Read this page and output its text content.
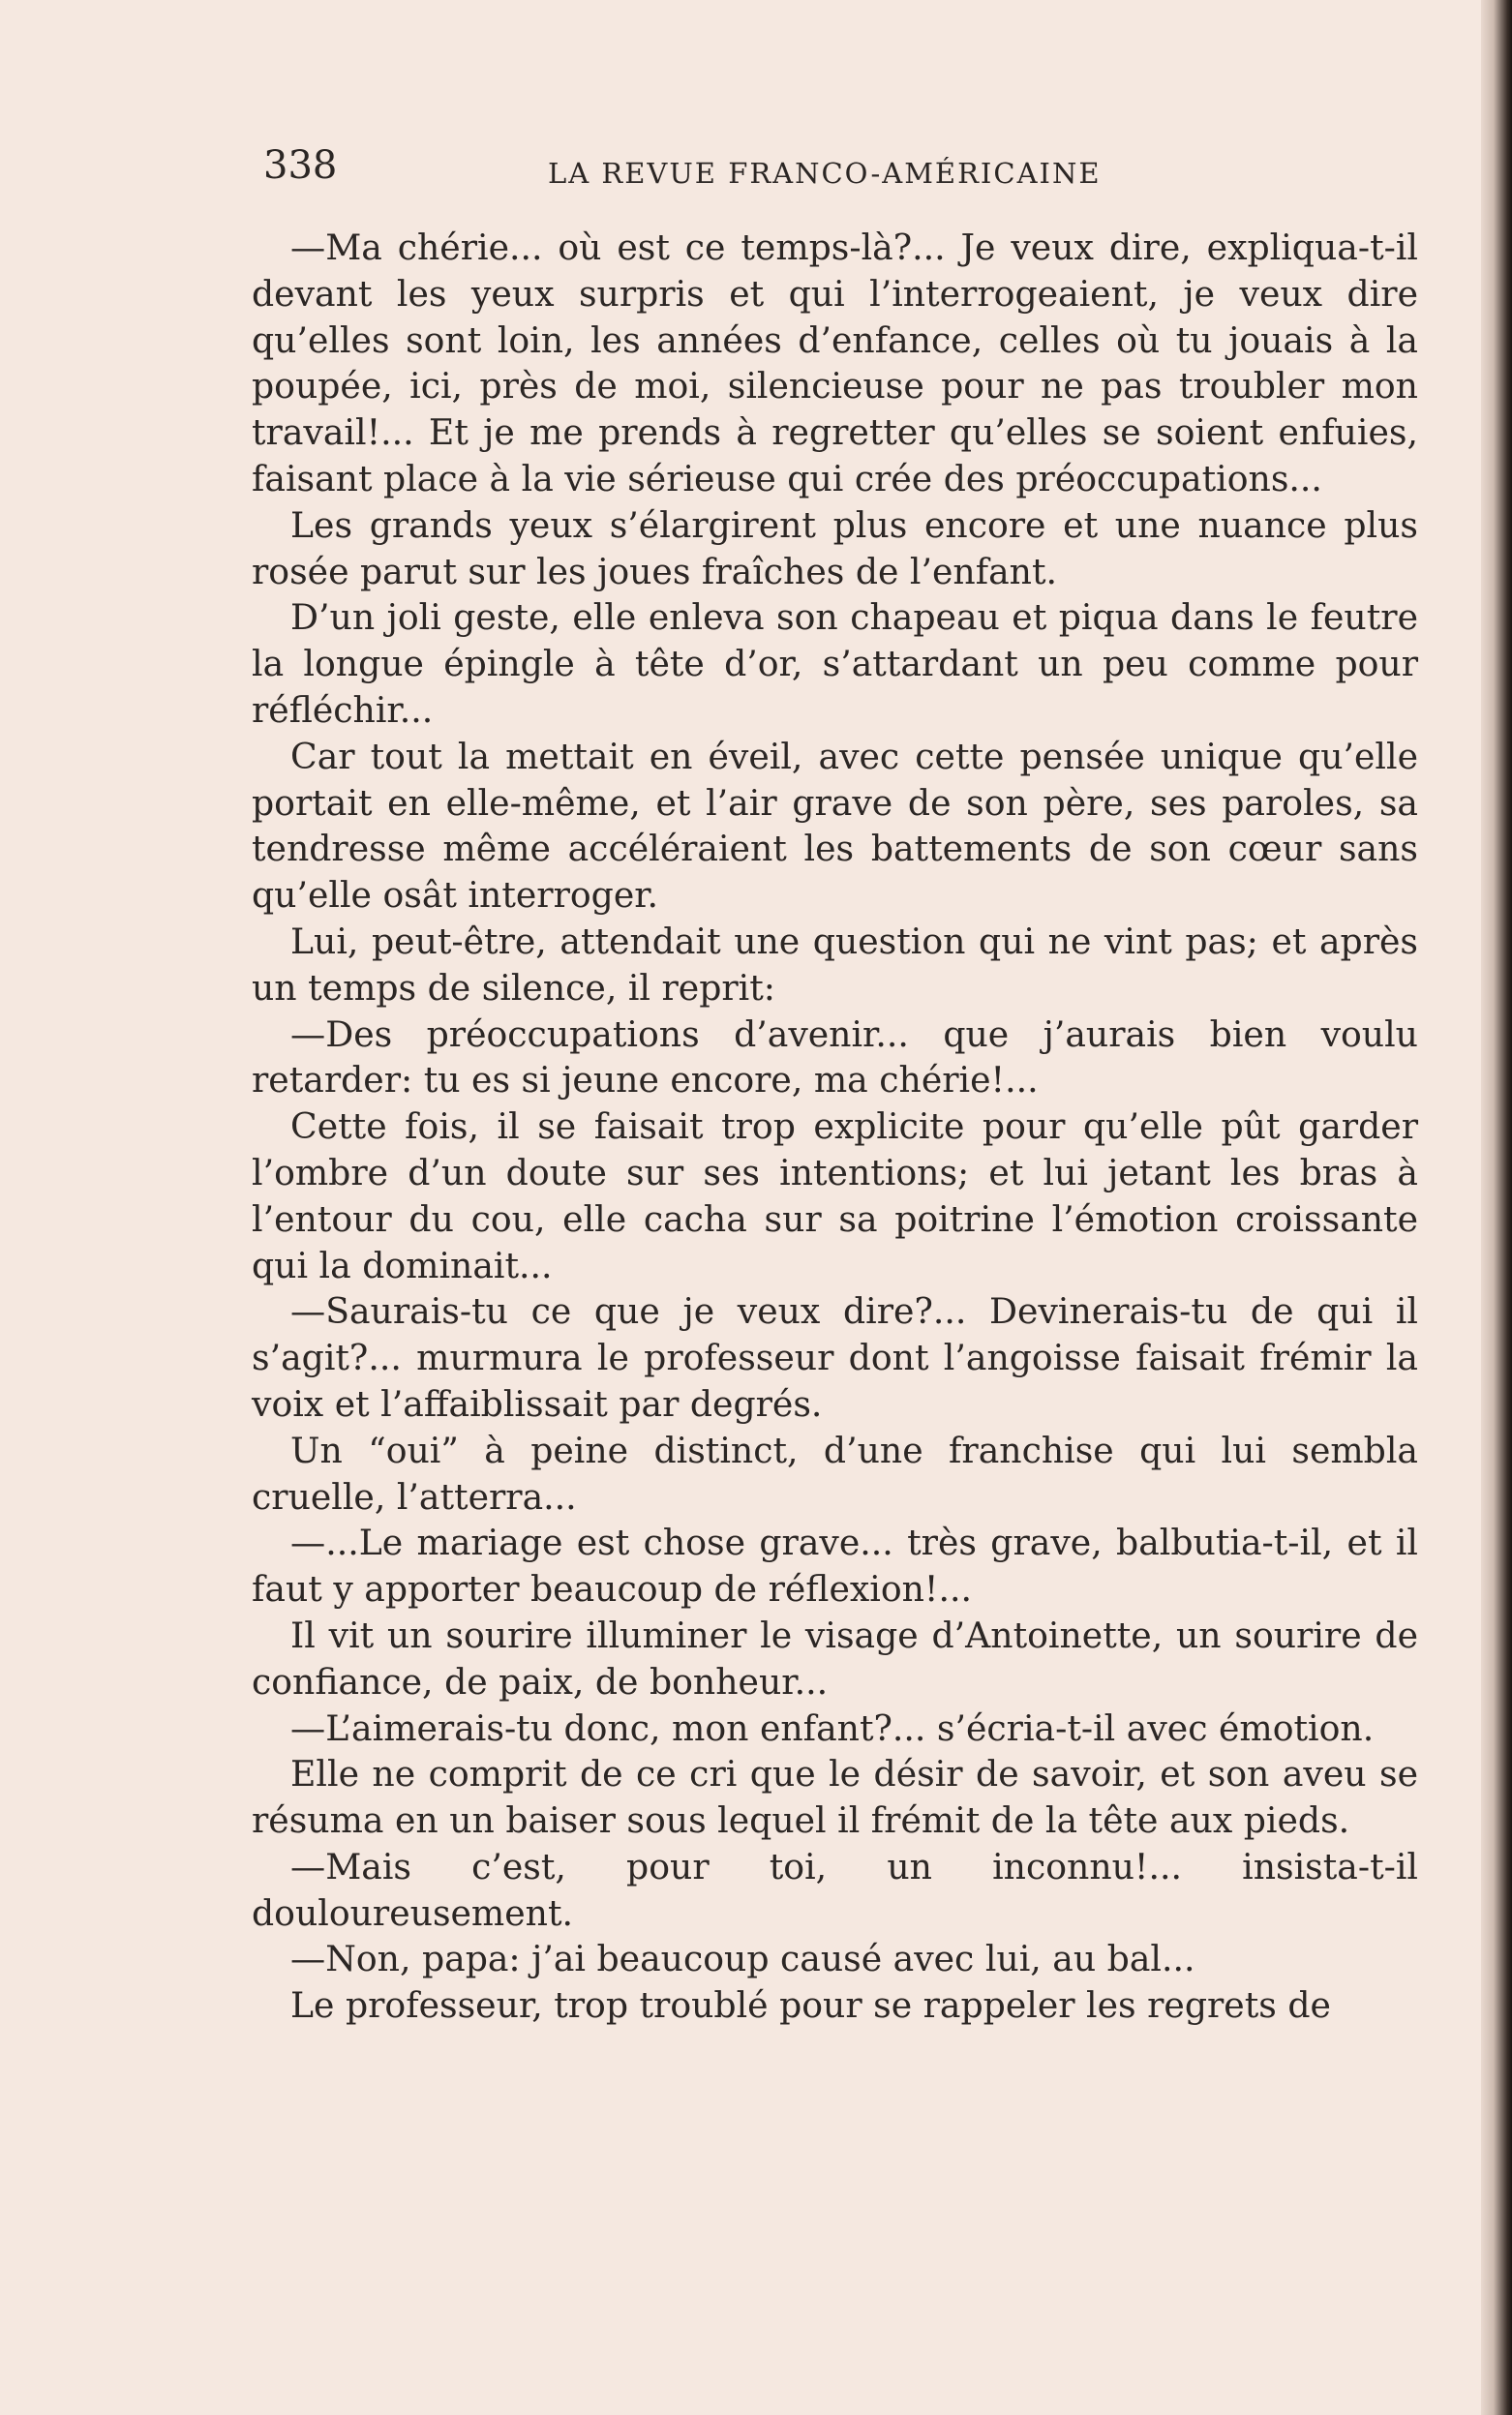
338	LA REVUE FRANCO-AMÉRICAINE

—Ma chérie... où est ce temps-là?... Je veux dire, expliqua-t-il devant les yeux surpris et qui l’interrogeaient, je veux dire qu’elles sont loin, les années d’enfance, celles où tu jouais à la poupée, ici, près de moi, silencieuse pour ne pas troubler mon travail!... Et je me prends à regretter qu’elles se soient enfuies, faisant place à la vie sérieuse qui crée des préoccupations...

Les grands yeux s’élargirent plus encore et une nuance plus rosée parut sur les joues fraîches de l’enfant.

D’un joli geste, elle enleva son chapeau et piqua dans le feutre la longue épingle à tête d’or, s’attardant un peu comme pour réfléchir...

Car tout la mettait en éveil, avec cette pensée unique qu’elle portait en elle-même, et l’air grave de son père, ses paroles, sa tendresse même accéléraient les battements de son cœur sans qu’elle osât interroger.

Lui, peut-être, attendait une question qui ne vint pas; et après un temps de silence, il reprit:

—Des préoccupations d’avenir... que j’aurais bien voulu retarder: tu es si jeune encore, ma chérie!...

Cette fois, il se faisait trop explicite pour qu’elle pût garder l’ombre d’un doute sur ses intentions; et lui jetant les bras à l’entour du cou, elle cacha sur sa poitrine l’émotion croissante qui la dominait...

—Saurais-tu ce que je veux dire?... Devinerais-tu de qui il s’agit?... murmura le professeur dont l’angoisse faisait frémir la voix et l’affaiblissait par degrés.

Un “oui” à peine distinct, d’une franchise qui lui sembla cruelle, l’atterra...

—...Le mariage est chose grave... très grave, balbutia-t-il, et il faut y apporter beaucoup de réflexion!...

Il vit un sourire illuminer le visage d’Antoinette, un sourire de confiance, de paix, de bonheur...

—L’aimerais-tu donc, mon enfant?... s’écria-t-il avec émotion.

Elle ne comprit de ce cri que le désir de savoir, et son aveu se résuma en un baiser sous lequel il frémit de la tête aux pieds.

—Mais c’est, pour toi, un inconnu!... insista-t-il douloureusement.

—Non, papa: j’ai beaucoup causé avec lui, au bal...

Le professeur, trop troublé pour se rappeler les regrets de
